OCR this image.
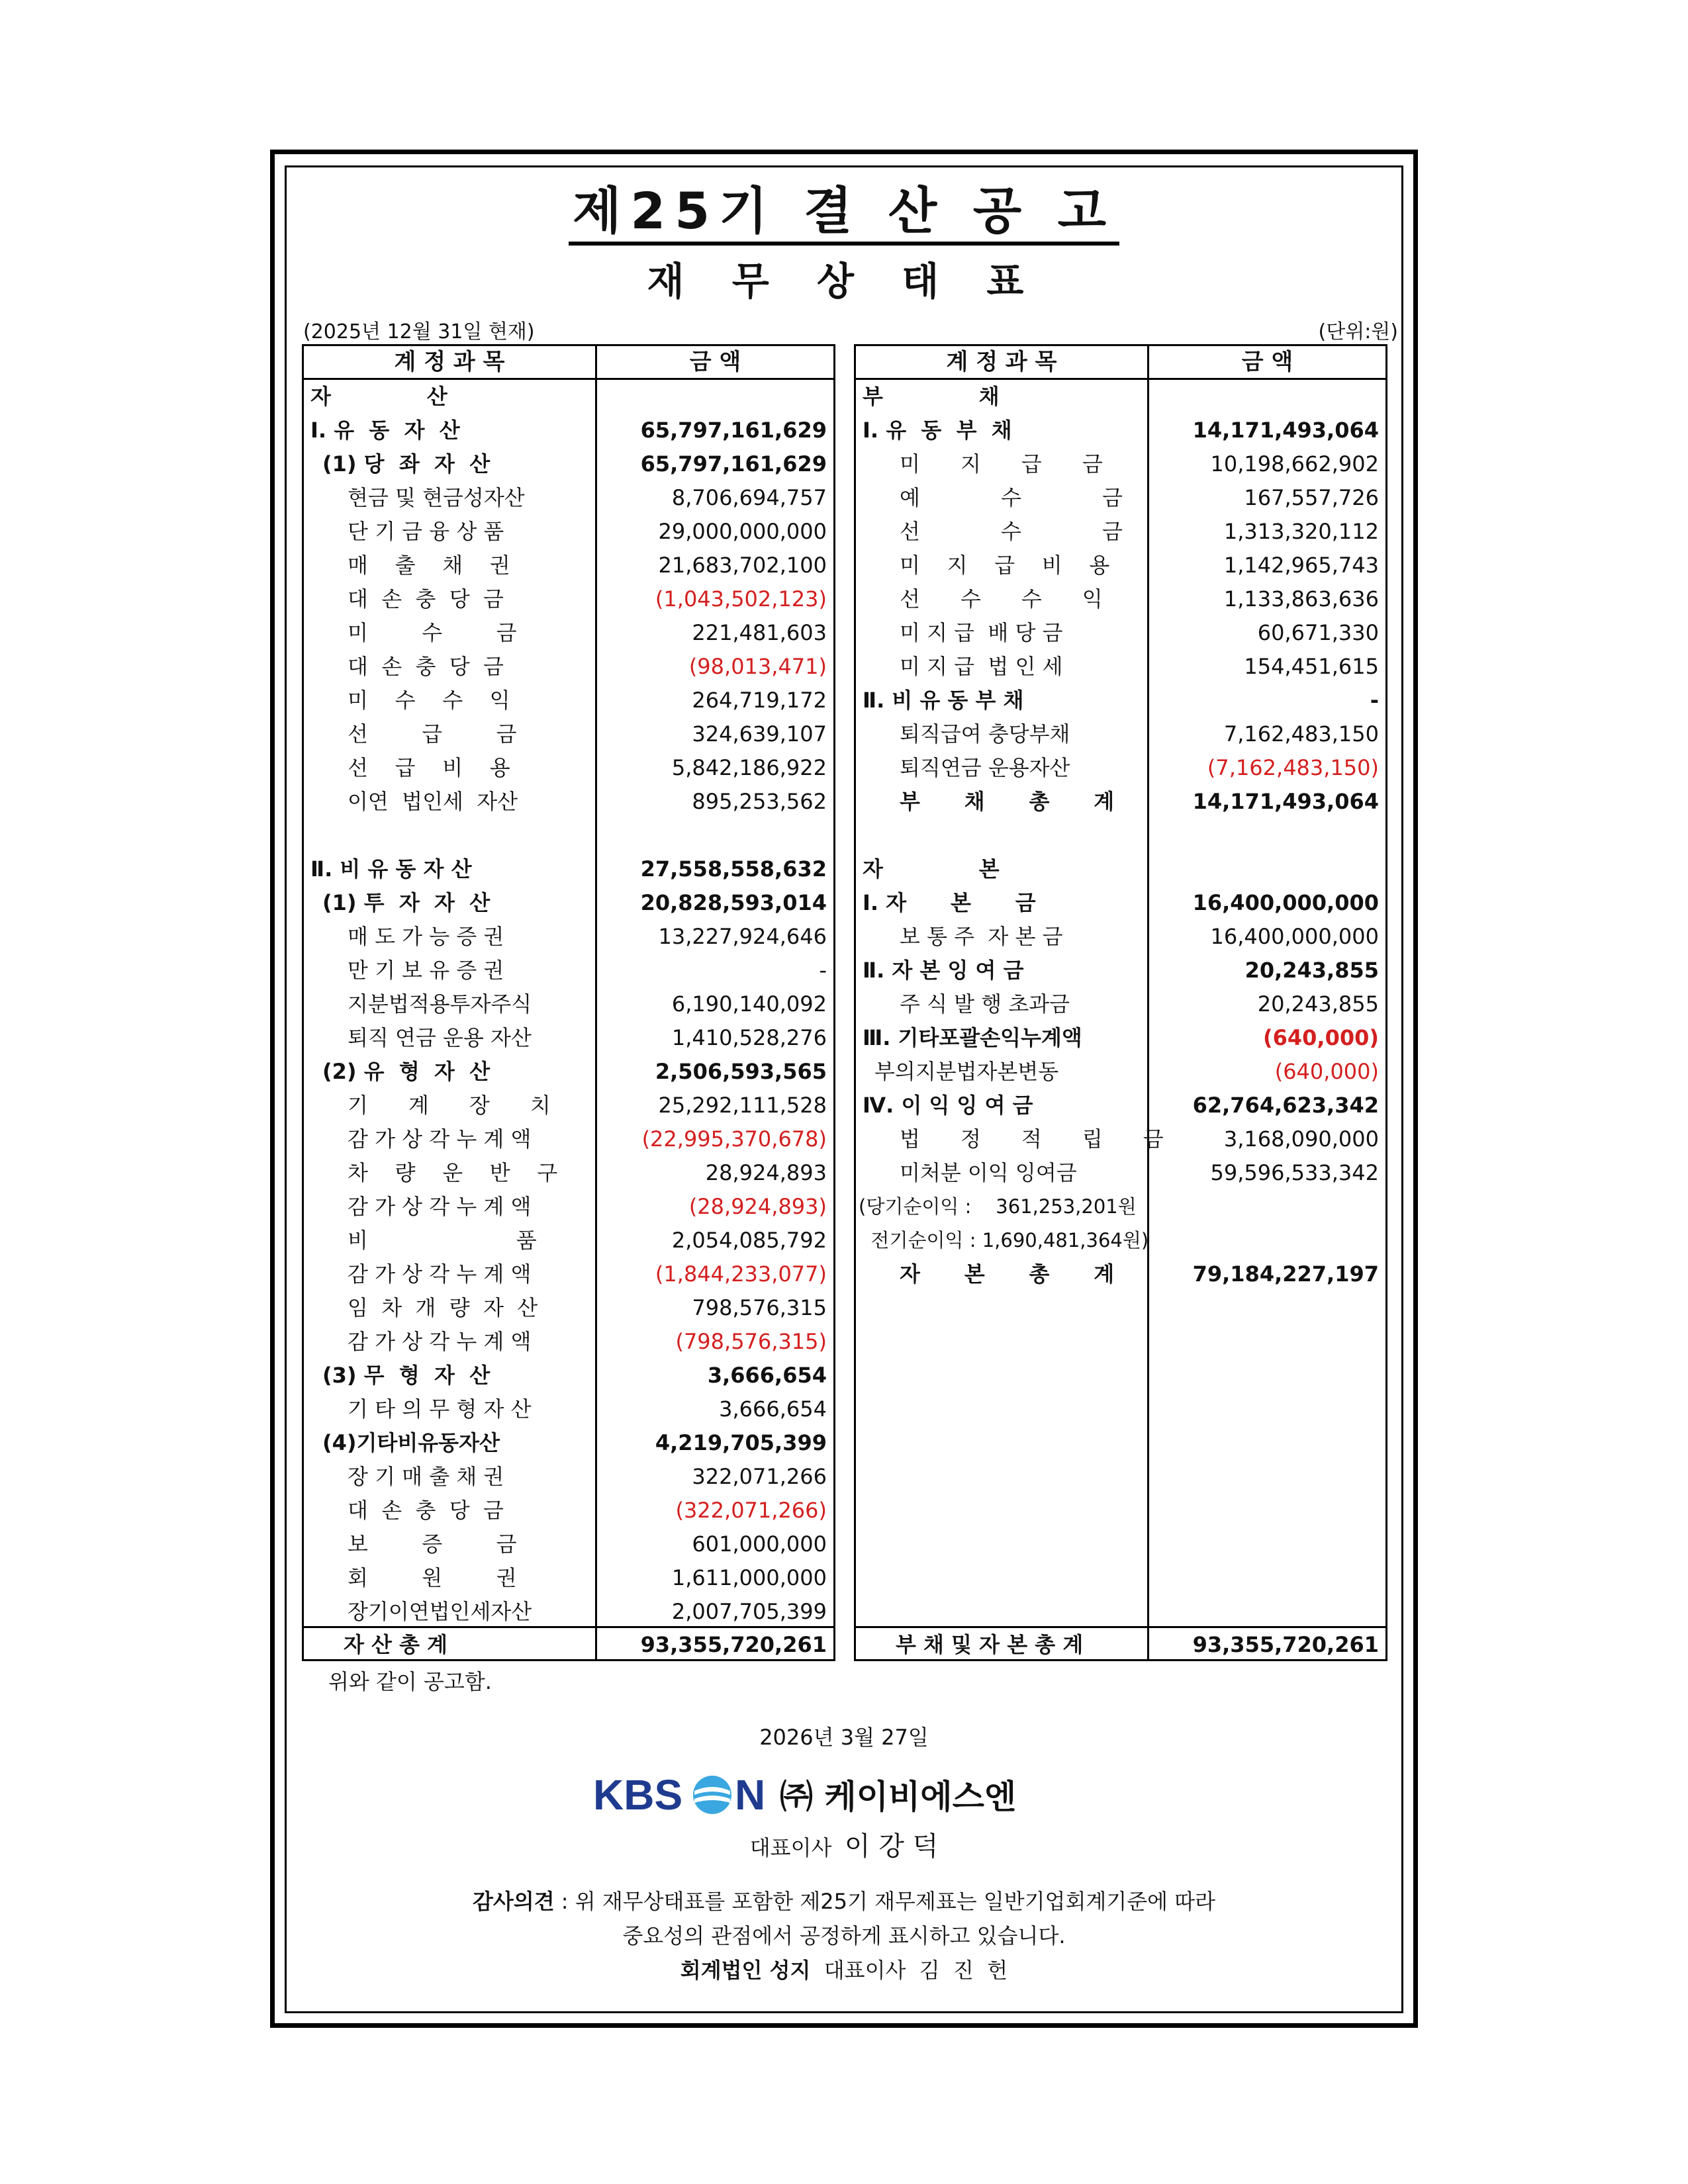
제25기 결 산 공 고
재 무 상 태 표
(2025년 12월 31일 현재)	(단위:원)
계 정 과 목	금 액
자             산
Ⅰ. 유  동  자  산	65,797,161,629
(1) 당  좌  자  산	65,797,161,629
현금 및 현금성자산	8,706,694,757
단 기 금 융 상 품	29,000,000,000
매    출    채    권	21,683,702,100
대  손  충  당  금	(1,043,502,123)
미        수        금	221,481,603
대  손  충  당  금	(98,013,471)
미    수    수    익	264,719,172
선        급        금	324,639,107
선    급    비    용	5,842,186,922
이연  법인세  자산	895,253,562
Ⅱ. 비 유 동 자 산	27,558,558,632
(1) 투  자  자  산	20,828,593,014
매 도 가 능 증 권	13,227,924,646
만 기 보 유 증 권	-
지분법적용투자주식	6,190,140,092
퇴직 연금 운용 자산	1,410,528,276
(2) 유  형  자  산	2,506,593,565
기      계      장      치	25,292,111,528
감 가 상 각 누 계 액	(22,995,370,678)
차    량    운    반    구	28,924,893
감 가 상 각 누 계 액	(28,924,893)
비                      품	2,054,085,792
감 가 상 각 누 계 액	(1,844,233,077)
임  차  개  량  자  산	798,576,315
감 가 상 각 누 계 액	(798,576,315)
(3) 무  형  자  산	3,666,654
기 타 의 무 형 자 산	3,666,654
(4)기타비유동자산	4,219,705,399
장 기 매 출 채 권	322,071,266
대  손  충  당  금	(322,071,266)
보        증        금	601,000,000
회        원        권	1,611,000,000
장기이연법인세자산	2,007,705,399
자 산 총 계	93,355,720,261
계 정 과 목	금 액
부             채
Ⅰ. 유  동  부  채	14,171,493,064
미      지      급      금	10,198,662,902
예            수            금	167,557,726
선            수            금	1,313,320,112
미    지    급    비    용	1,142,965,743
선      수      수      익	1,133,863,636
미 지 급  배 당 금	60,671,330
미 지 급  법 인 세	154,451,615
Ⅱ. 비 유 동 부 채	-
퇴직급여 충당부채	7,162,483,150
퇴직연금 운용자산	(7,162,483,150)
부      채      총      계	14,171,493,064
자             본
Ⅰ. 자      본      금	16,400,000,000
보 통 주  자 본 금	16,400,000,000
Ⅱ. 자 본 잉 여 금	20,243,855
주 식 발 행 초과금	20,243,855
Ⅲ. 기타포괄손익누계액	(640,000)
부의지분법자본변동	(640,000)
Ⅳ. 이 익 잉 여 금	62,764,623,342
법      정      적      립      금	3,168,090,000
미처분 이익 잉여금	59,596,533,342
(당기순이익 :    361,253,201원
전기순이익 : 1,690,481,364원)
자      본      총      계	79,184,227,197
부 채 및 자 본 총 계	93,355,720,261
위와 같이 공고함.
2026년 3월 27일
KBS N ㈜ 케이비에스엔
대표이사 이 강 덕
감사의견 : 위 재무상태표를 포함한 제25기 재무제표는 일반기업회계기준에 따라
중요성의 관점에서 공정하게 표시하고 있습니다.
회계법인 성지  대표이사  김  진  헌
